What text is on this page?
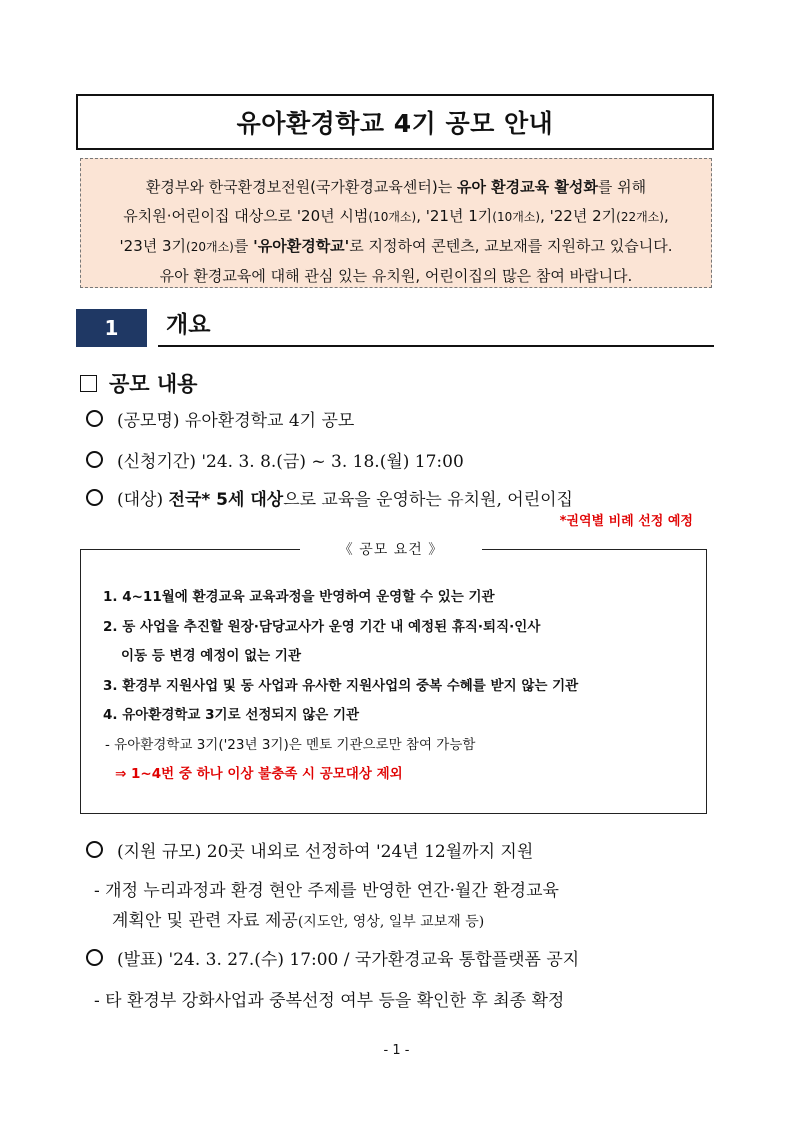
유아환경학교 4기 공모 안내
환경부와 한국환경보전원(국가환경교육센터)는 유아 환경교육 활성화를 위해
유치원·어린이집 대상으로 '20년 시범(10개소), '21년 1기(10개소), '22년 2기(22개소),
'23년 3기(20개소)를 '유아환경학교'로 지정하여 콘텐츠, 교보재를 지원하고 있습니다.
유아 환경교육에 대해 관심 있는 유치원, 어린이집의 많은 참여 바랍니다.
1	개요
공모 내용
(공모명) 유아환경학교 4기 공모
(신청기간) '24. 3. 8.(금) ~ 3. 18.(월) 17:00
(대상) 전국* 5세 대상으로 교육을 운영하는 유치원, 어린이집
*권역별 비례 선정 예정
《 공모 요건 》
1. 4~11월에 환경교육 교육과정을 반영하여 운영할 수 있는 기관
2. 동 사업을 추진할 원장·담당교사가 운영 기간 내 예정된 휴직·퇴직·인사
이동 등 변경 예정이 없는 기관
3. 환경부 지원사업 및 동 사업과 유사한 지원사업의 중복 수혜를 받지 않는 기관
4. 유아환경학교 3기로 선정되지 않은 기관
- 유아환경학교 3기('23년 3기)은 멘토 기관으로만 참여 가능함
⇒ 1~4번 중 하나 이상 불충족 시 공모대상 제외
(지원 규모) 20곳 내외로 선정하여 '24년 12월까지 지원
- 개정 누리과정과 환경 현안 주제를 반영한 연간·월간 환경교육
계획안 및 관련 자료 제공(지도안, 영상, 일부 교보재 등)
(발표) '24. 3. 27.(수) 17:00 / 국가환경교육 통합플랫폼 공지
- 타 환경부 강화사업과 중복선정 여부 등을 확인한 후 최종 확정
- 1 -
